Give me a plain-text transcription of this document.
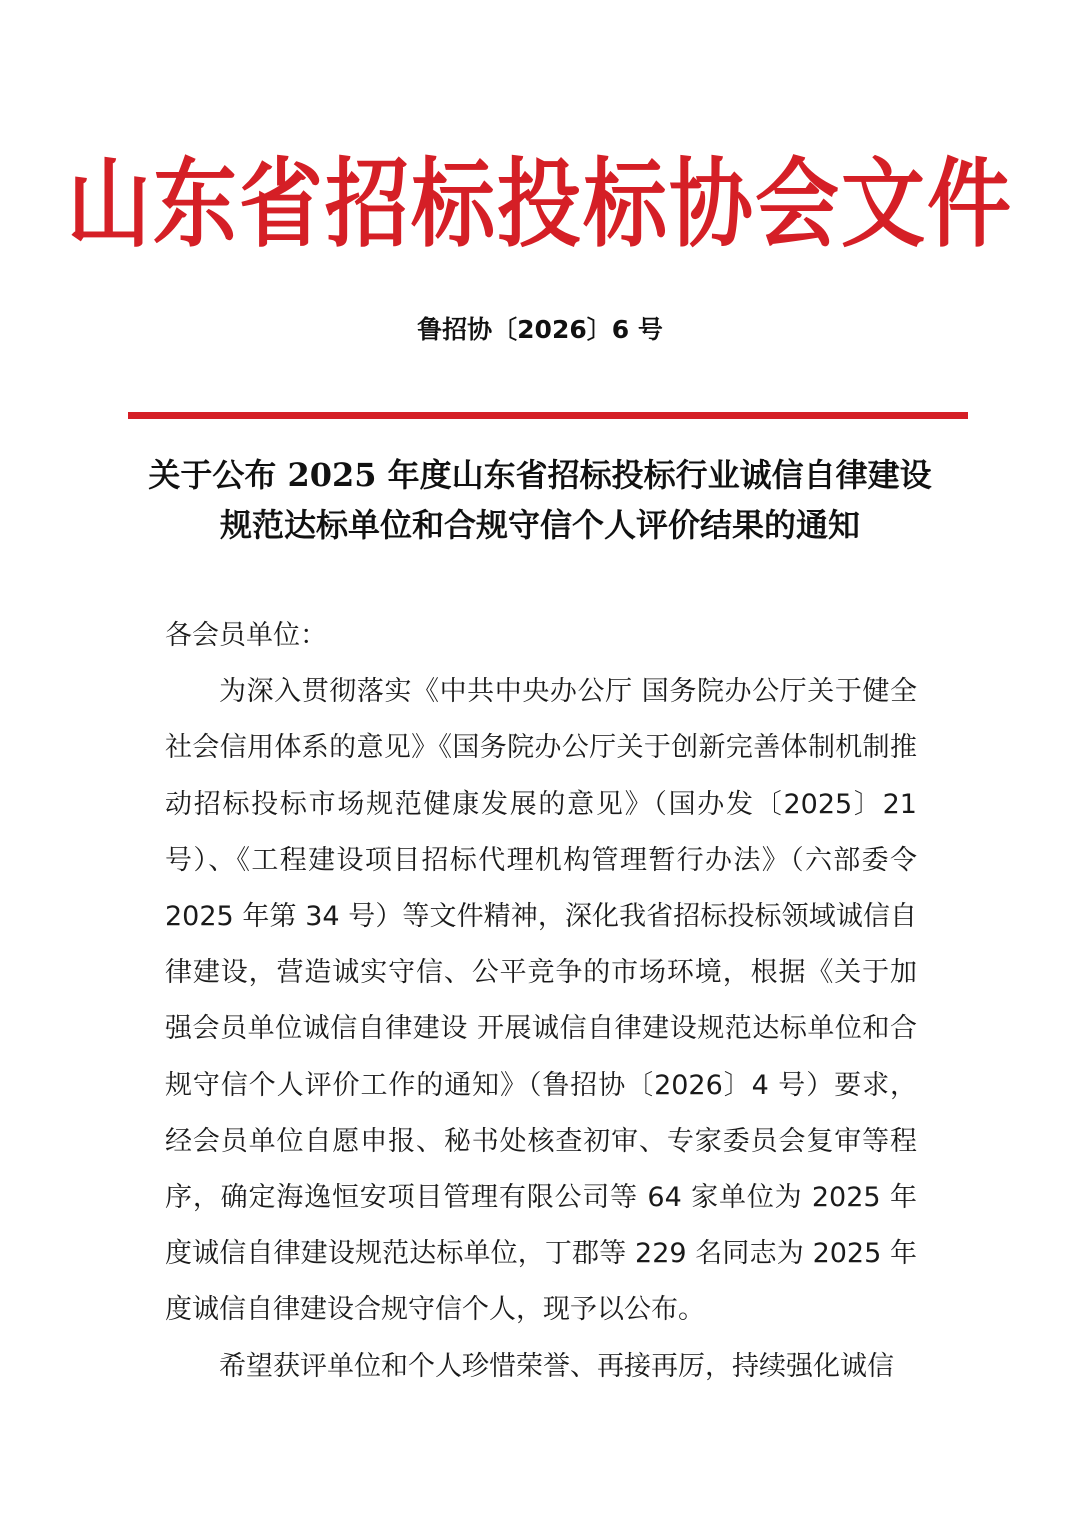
山东省招标投标协会文件
鲁招协〔2026〕6 号
关于公布 2025 年度山东省招标投标行业诚信自律建设
规范达标单位和合规守信个人评价结果的通知

各会员单位：

为深入贯彻落实《中共中央办公厅 国务院办公厅关于健全社会信用体系的意见》《国务院办公厅关于创新完善体制机制推动招标投标市场规范健康发展的意见》（国办发〔2025〕21 号）、《工程建设项目招标代理机构管理暂行办法》（六部委令 2025 年第 34 号）等文件精神，深化我省招标投标领域诚信自律建设，营造诚实守信、公平竞争的市场环境，根据《关于加强会员单位诚信自律建设 开展诚信自律建设规范达标单位和合规守信个人评价工作的通知》（鲁招协〔2026〕4 号）要求，经会员单位自愿申报、秘书处核查初审、专家委员会复审等程序，确定海逸恒安项目管理有限公司等 64 家单位为 2025 年度诚信自律建设规范达标单位，丁郡等 229 名同志为 2025 年度诚信自律建设合规守信个人，现予以公布。

希望获评单位和个人珍惜荣誉、再接再厉，持续强化诚信
